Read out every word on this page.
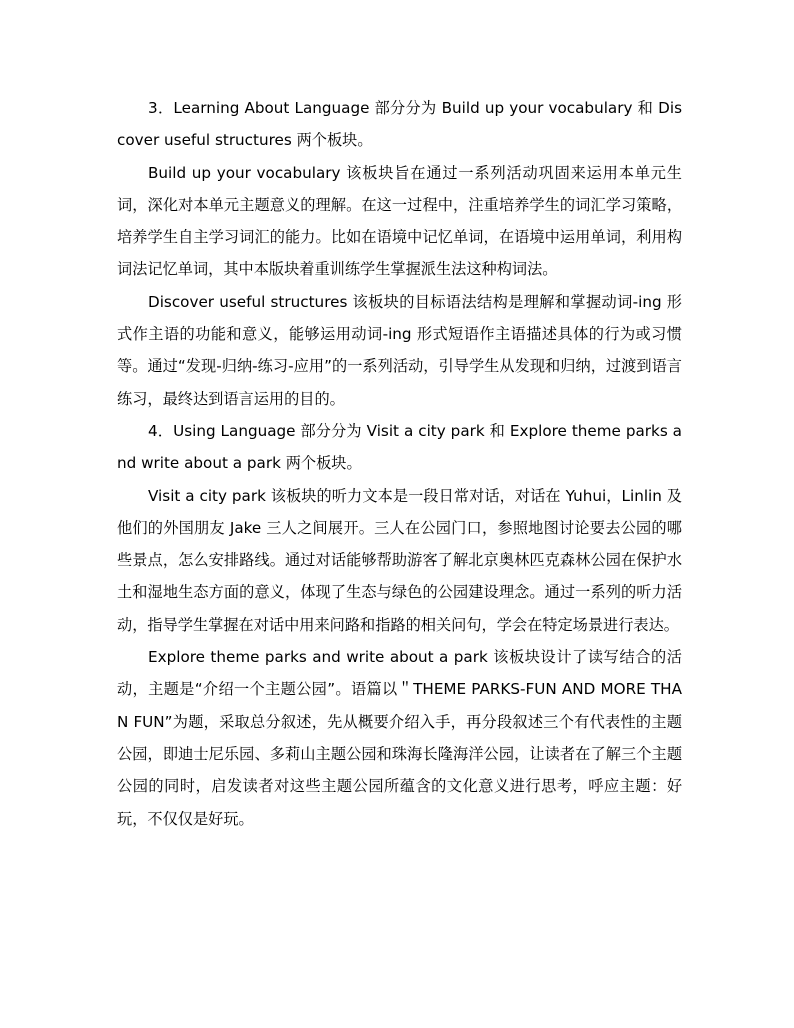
3．Learning About Language 部分分为 Build up your vocabulary 和 Discover useful structures 两个板块。

Build up your vocabulary 该板块旨在通过一系列活动巩固来运用本单元生词，深化对本单元主题意义的理解。在这一过程中，注重培养学生的词汇学习策略，培养学生自主学习词汇的能力。比如在语境中记忆单词，在语境中运用单词，利用构词法记忆单词，其中本版块着重训练学生掌握派生法这种构词法。

Discover useful structures 该板块的目标语法结构是理解和掌握动词-ing 形式作主语的功能和意义，能够运用动词-ing 形式短语作主语描述具体的行为或习惯等。通过“发现-归纳-练习-应用”的一系列活动，引导学生从发现和归纳，过渡到语言练习，最终达到语言运用的目的。

4．Using Language 部分分为 Visit a city park 和 Explore theme parks and write about a park 两个板块。

Visit a city park 该板块的听力文本是一段日常对话，对话在 Yuhui，Linlin 及他们的外国朋友 Jake 三人之间展开。三人在公园门口，参照地图讨论要去公园的哪些景点，怎么安排路线。通过对话能够帮助游客了解北京奥林匹克森林公园在保护水土和湿地生态方面的意义，体现了生态与绿色的公园建设理念。通过一系列的听力活动，指导学生掌握在对话中用来问路和指路的相关问句，学会在特定场景进行表达。

Explore theme parks and write about a park 该板块设计了读写结合的活动，主题是“介绍一个主题公园”。语篇以＂THEME PARKS-FUN AND MORE THAN FUN”为题，采取总分叙述，先从概要介绍入手，再分段叙述三个有代表性的主题公园，即迪士尼乐园、多莉山主题公园和珠海长隆海洋公园，让读者在了解三个主题公园的同时，启发读者对这些主题公园所蕴含的文化意义进行思考，呼应主题：好玩，不仅仅是好玩。
